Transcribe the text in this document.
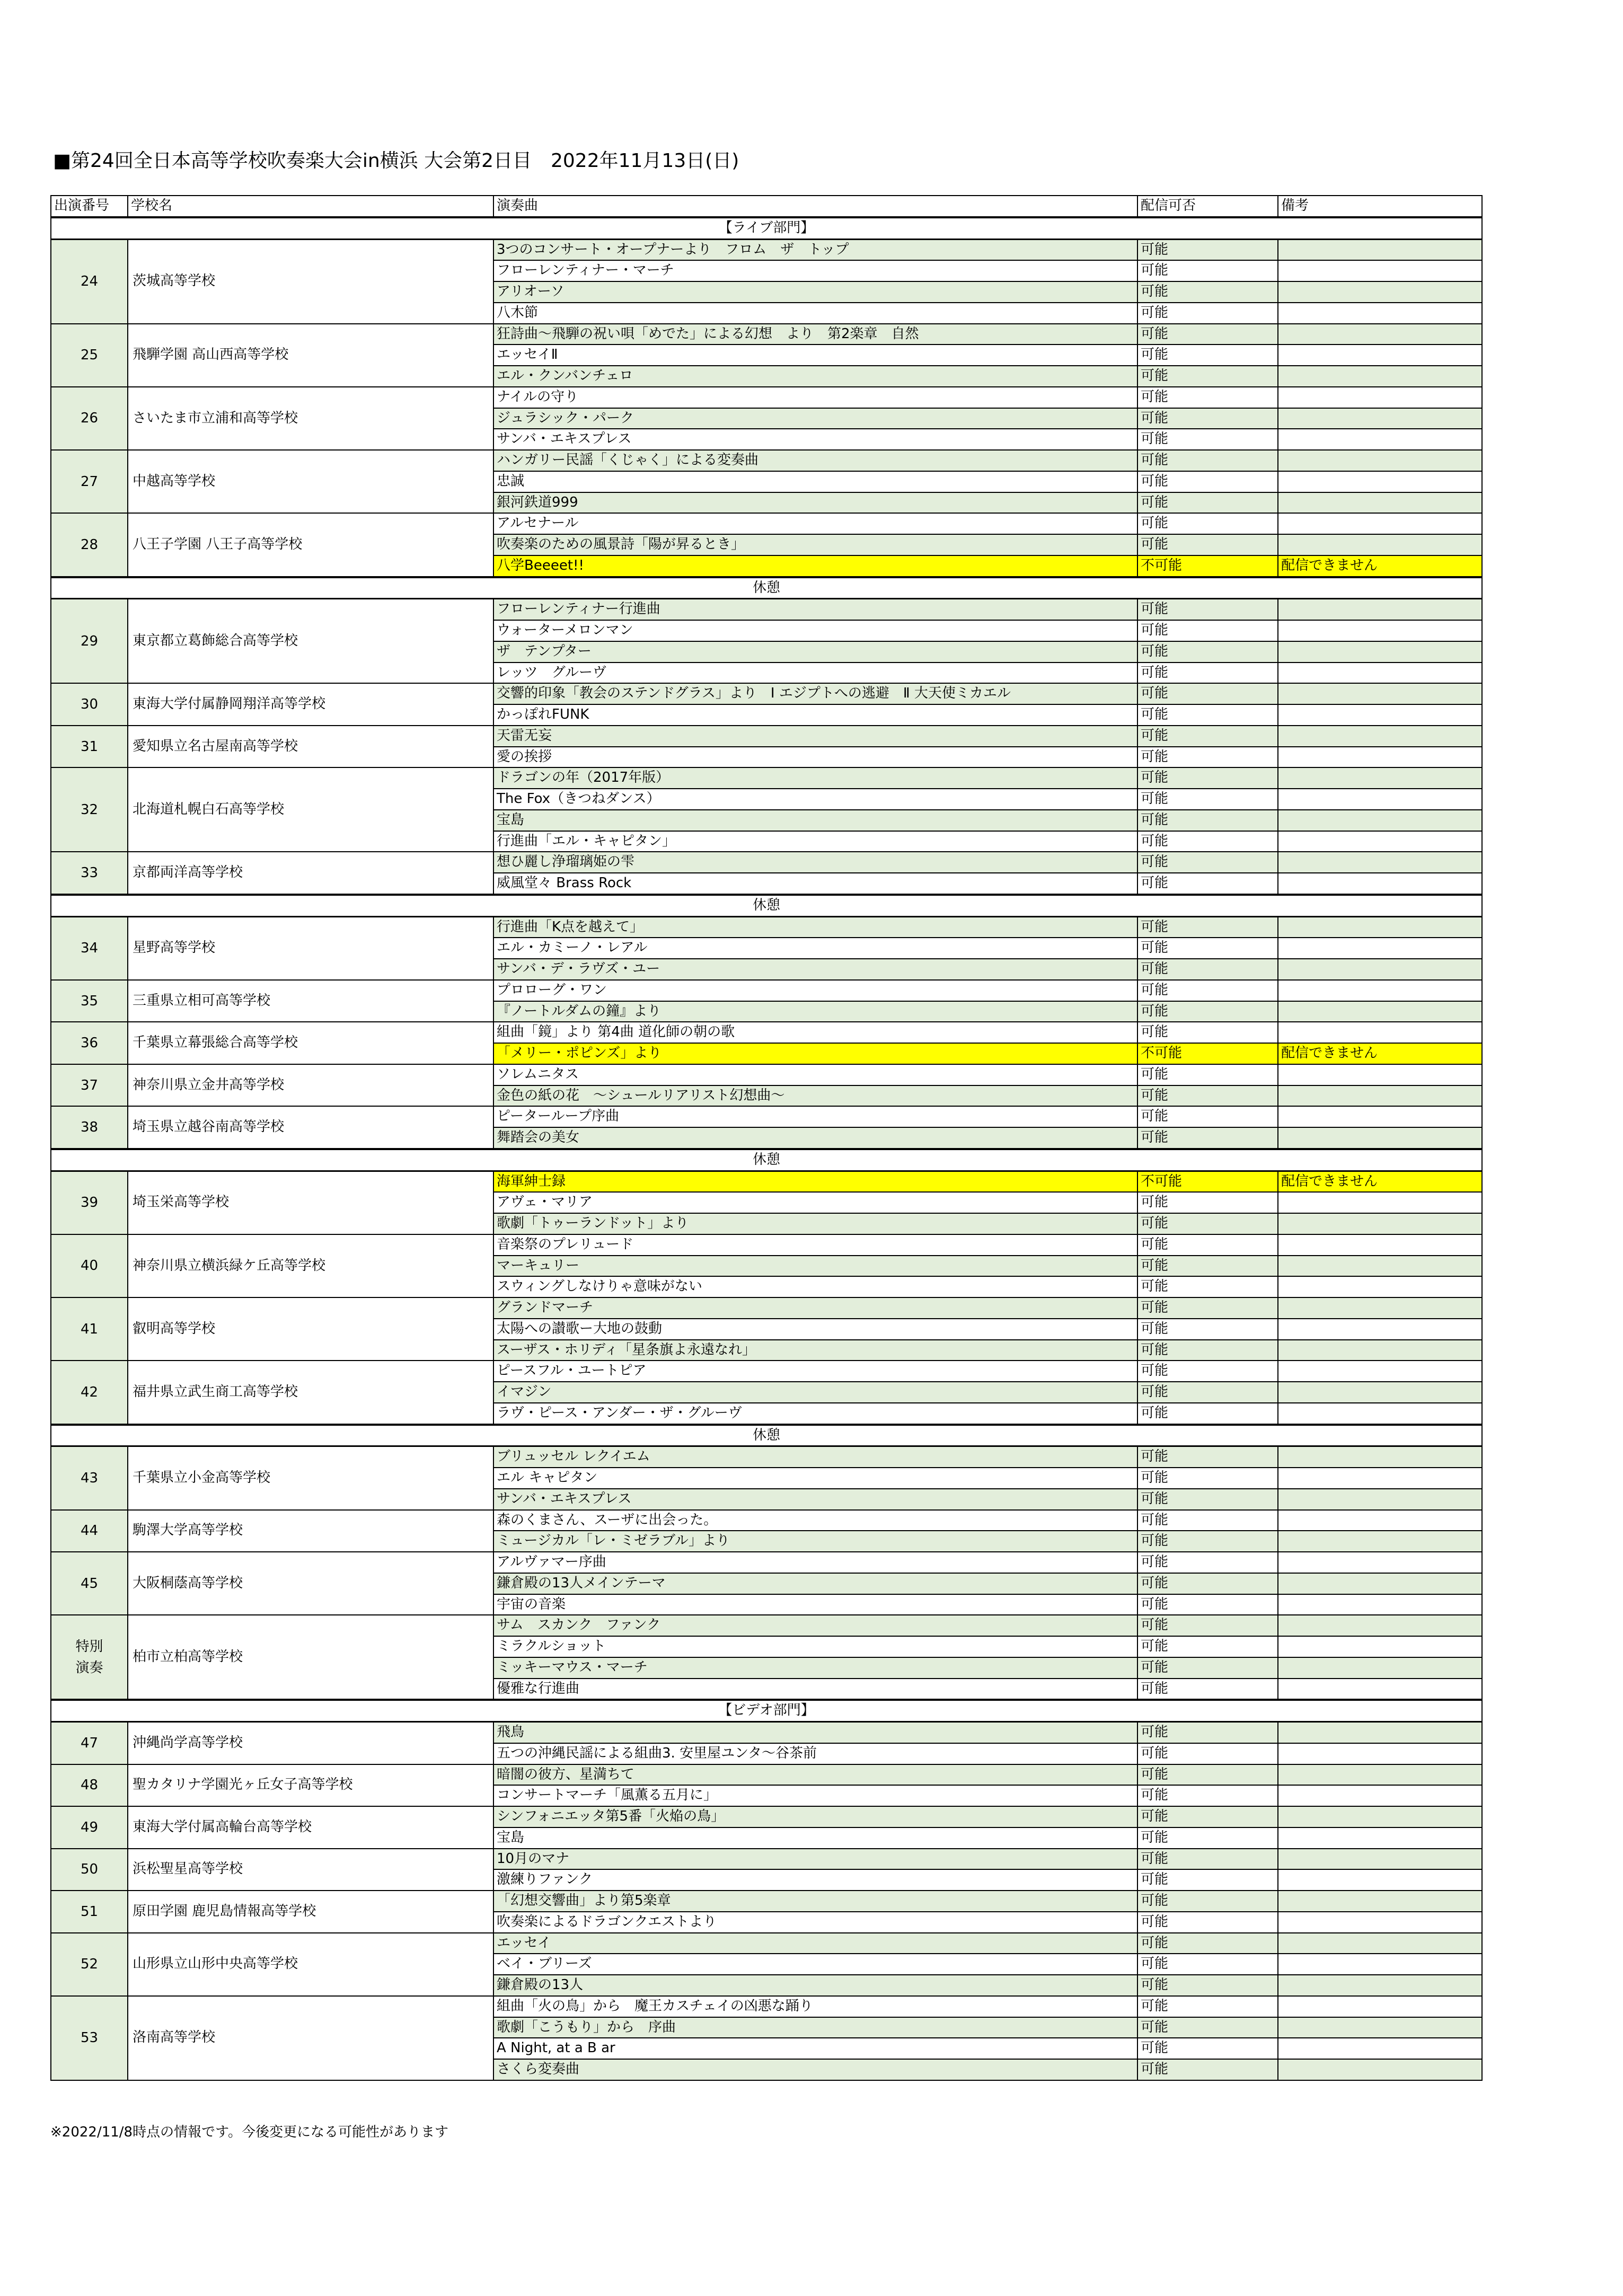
■第24回全日本高等学校吹奏楽大会in横浜 大会第2日目　2022年11月13日(日)
出演番号	学校名	演奏曲	配信可否	備考
【ライブ部門】				
24	茨城高等学校	3つのコンサート・オープナーより　フロム　ザ　トップ	可能	
		フローレンティナー・マーチ	可能	
		アリオーソ	可能	
		八木節	可能	
25	飛騨学園 高山西高等学校	狂詩曲～飛騨の祝い唄「めでた」による幻想　より　第2楽章　自然	可能	
		エッセイⅡ	可能	
		エル・クンバンチェロ	可能	
26	さいたま市立浦和高等学校	ナイルの守り	可能	
		ジュラシック・パーク	可能	
		サンバ・エキスプレス	可能	
27	中越高等学校	ハンガリー民謡「くじゃく」による変奏曲	可能	
		忠誠	可能	
		銀河鉄道999	可能	
28	八王子学園 八王子高等学校	アルセナール	可能	
		吹奏楽のための風景詩「陽が昇るとき」	可能	
		八学Beeeet!!	不可能	配信できません
休憩				
29	東京都立葛飾総合高等学校	フローレンティナー行進曲	可能	
		ウォーターメロンマン	可能	
		ザ　テンプター	可能	
		レッツ　グルーヴ	可能	
30	東海大学付属静岡翔洋高等学校	交響的印象「教会のステンドグラス」より　Ⅰ エジプトへの逃避　Ⅱ 大天使ミカエル	可能	
		かっぽれFUNK	可能	
31	愛知県立名古屋南高等学校	天雷无妄	可能	
		愛の挨拶	可能	
32	北海道札幌白石高等学校	ドラゴンの年（2017年版）	可能	
		The Fox（きつねダンス）	可能	
		宝島	可能	
		行進曲「エル・キャピタン」	可能	
33	京都両洋高等学校	想ひ麗し浄瑠璃姫の雫	可能	
		威風堂々 Brass Rock	可能	
休憩				
34	星野高等学校	行進曲「K点を越えて」	可能	
		エル・カミーノ・レアル	可能	
		サンバ・デ・ラヴズ・ユー	可能	
35	三重県立相可高等学校	プロローグ・ワン	可能	
		『ノートルダムの鐘』より	可能	
36	千葉県立幕張総合高等学校	組曲「鏡」より 第4曲 道化師の朝の歌	可能	
		「メリー・ポピンズ」より	不可能	配信できません
37	神奈川県立金井高等学校	ソレムニタス	可能	
		金色の紙の花　～シュールリアリスト幻想曲～	可能	
38	埼玉県立越谷南高等学校	ピーターループ序曲	可能	
		舞踏会の美女	可能	
休憩				
39	埼玉栄高等学校	海軍紳士録	不可能	配信できません
		アヴェ・マリア	可能	
		歌劇「トゥーランドット」より	可能	
40	神奈川県立横浜緑ケ丘高等学校	音楽祭のプレリュード	可能	
		マーキュリー	可能	
		スウィングしなけりゃ意味がない	可能	
41	叡明高等学校	グランドマーチ	可能	
		太陽への讃歌ー大地の鼓動	可能	
		スーザス・ホリディ「星条旗よ永遠なれ」	可能	
42	福井県立武生商工高等学校	ピースフル・ユートピア	可能	
		イマジン	可能	
		ラヴ・ピース・アンダー・ザ・グルーヴ	可能	
休憩				
43	千葉県立小金高等学校	ブリュッセル レクイエム	可能	
		エル キャピタン	可能	
		サンバ・エキスプレス	可能	
44	駒澤大学高等学校	森のくまさん、スーザに出会った。	可能	
		ミュージカル「レ・ミゼラブル」より	可能	
45	大阪桐蔭高等学校	アルヴァマー序曲	可能	
		鎌倉殿の13人メインテーマ	可能	
		宇宙の音楽	可能	
特別
演奏	柏市立柏高等学校	サム　スカンク　ファンク	可能	
		ミラクルショット	可能	
		ミッキーマウス・マーチ	可能	
		優雅な行進曲	可能	
【ビデオ部門】				
47	沖縄尚学高等学校	飛鳥	可能	
		五つの沖縄民謡による組曲3. 安里屋ユンタ～谷茶前	可能	
48	聖カタリナ学園光ヶ丘女子高等学校	暗闇の彼方、星満ちて	可能	
		コンサートマーチ「風薫る五月に」	可能	
49	東海大学付属高輪台高等学校	シンフォニエッタ第5番「火焔の鳥」	可能	
		宝島	可能	
50	浜松聖星高等学校	10月のマナ	可能	
		激練りファンク	可能	
51	原田学園 鹿児島情報高等学校	「幻想交響曲」より第5楽章	可能	
		吹奏楽によるドラゴンクエストより	可能	
52	山形県立山形中央高等学校	エッセイ	可能	
		ベイ・ブリーズ	可能	
		鎌倉殿の13人	可能	
53	洛南高等学校	組曲「火の鳥」から　魔王カスチェイの凶悪な踊り	可能	
		歌劇「こうもり」から　序曲	可能	
		A Night, at a B ar	可能	
		さくら変奏曲	可能	
※2022/11/8時点の情報です。今後変更になる可能性があります
